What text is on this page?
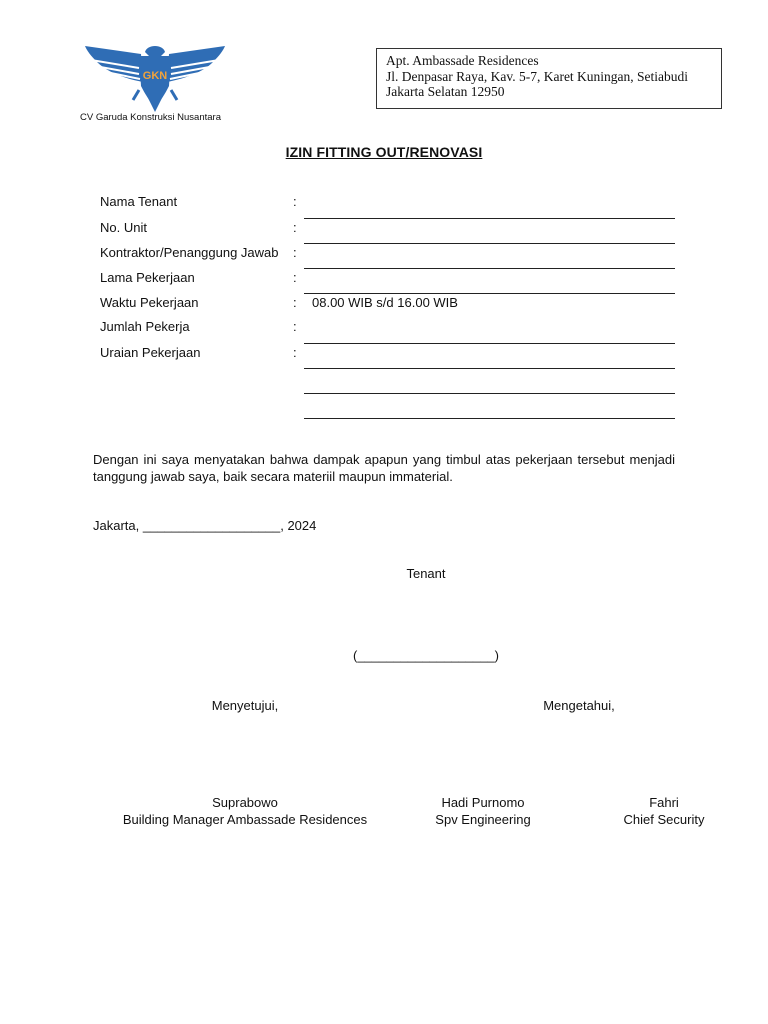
GKN
CV Garuda Konstruksi Nusantara
Apt. Ambassade Residences
Jl. Denpasar Raya, Kav. 5-7, Karet Kuningan, Setiabudi
Jakarta Selatan 12950
IZIN FITTING OUT/RENOVASI
Nama Tenant
No. Unit
Kontraktor/Penanggung Jawab
Lama Pekerjaan
Waktu Pekerjaan
Jumlah Pekerja
Uraian Pekerjaan
:
:
:
:
:
:
:
08.00 WIB s/d 16.00 WIB
Dengan ini saya menyatakan bahwa dampak apapun yang timbul atas pekerjaan tersebut menjadi tanggung jawab saya, baik secara materiil maupun immaterial.
Jakarta, ___________________, 2024
Tenant
(___________________)
Menyetujui,	Mengetahui,
Suprabowo
Building Manager Ambassade Residences
Hadi Purnomo
Spv Engineering
Fahri
Chief Security
